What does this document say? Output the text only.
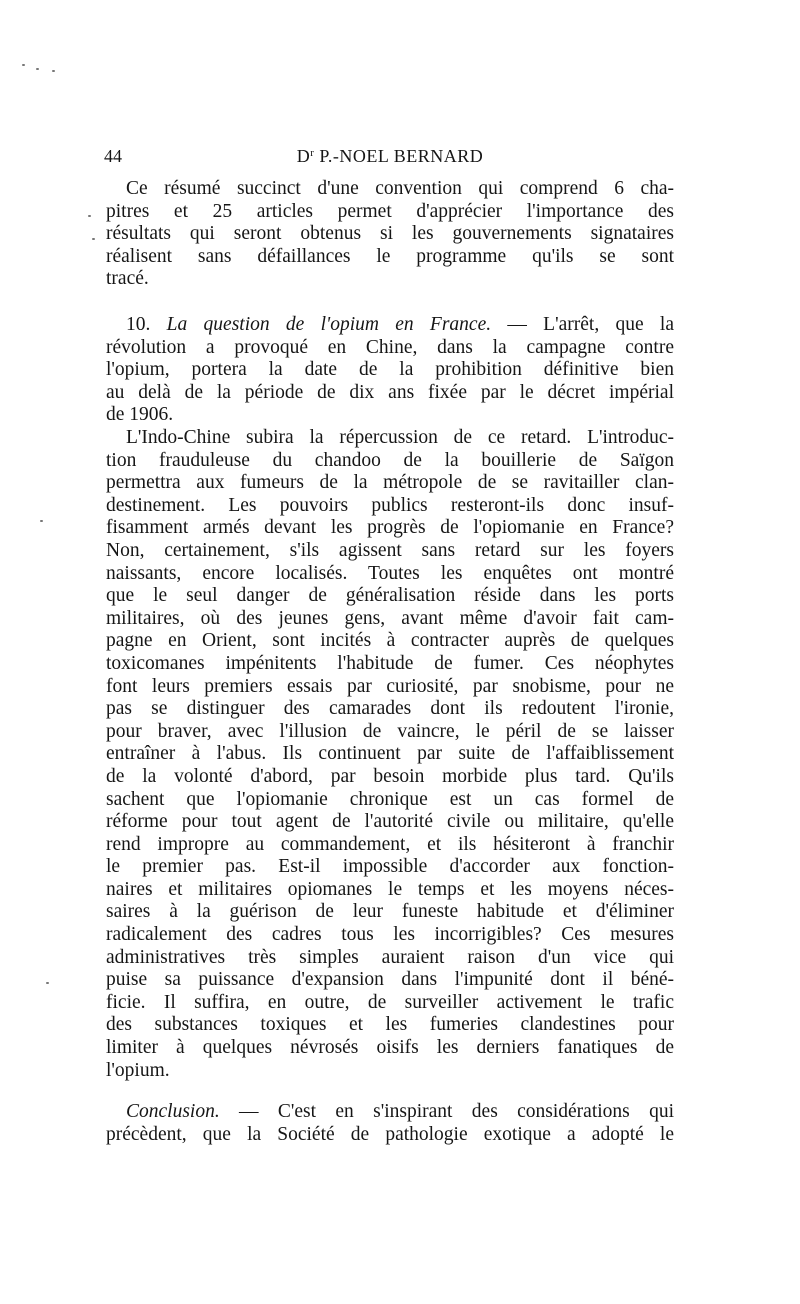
44	$D^r$ P.-NOEL BERNARD
Ce résumé succinct d'une convention qui comprend 6 cha-
pitres et 25 articles permet d'apprécier l'importance des
résultats qui seront obtenus si les gouvernements signataires
réalisent sans défaillances le programme qu'ils se sont
tracé.
10. La question de l'opium en France. — L'arrêt, que la
révolution a provoqué en Chine, dans la campagne contre
l'opium, portera la date de la prohibition définitive bien
au delà de la période de dix ans fixée par le décret impérial
de 1906.
L'Indo-Chine subira la répercussion de ce retard. L'introduc-
tion frauduleuse du chandoo de la bouillerie de Saïgon
permettra aux fumeurs de la métropole de se ravitailler clan-
destinement. Les pouvoirs publics resteront-ils donc insuf-
fisamment armés devant les progrès de l'opiomanie en France?
Non, certainement, s'ils agissent sans retard sur les foyers
naissants, encore localisés. Toutes les enquêtes ont montré
que le seul danger de généralisation réside dans les ports
militaires, où des jeunes gens, avant même d'avoir fait cam-
pagne en Orient, sont incités à contracter auprès de quelques
toxicomanes impénitents l'habitude de fumer. Ces néophytes
font leurs premiers essais par curiosité, par snobisme, pour ne
pas se distinguer des camarades dont ils redoutent l'ironie,
pour braver, avec l'illusion de vaincre, le péril de se laisser
entraîner à l'abus. Ils continuent par suite de l'affaiblissement
de la volonté d'abord, par besoin morbide plus tard. Qu'ils
sachent que l'opiomanie chronique est un cas formel de
réforme pour tout agent de l'autorité civile ou militaire, qu'elle
rend impropre au commandement, et ils hésiteront à franchir
le premier pas. Est-il impossible d'accorder aux fonction-
naires et militaires opiomanes le temps et les moyens néces-
saires à la guérison de leur funeste habitude et d'éliminer
radicalement des cadres tous les incorrigibles? Ces mesures
administratives très simples auraient raison d'un vice qui
puise sa puissance d'expansion dans l'impunité dont il béné-
ficie. Il suffira, en outre, de surveiller activement le trafic
des substances toxiques et les fumeries clandestines pour
limiter à quelques névrosés oisifs les derniers fanatiques de
l'opium.
Conclusion. — C'est en s'inspirant des considérations qui
précèdent, que la Société de pathologie exotique a adopté le
